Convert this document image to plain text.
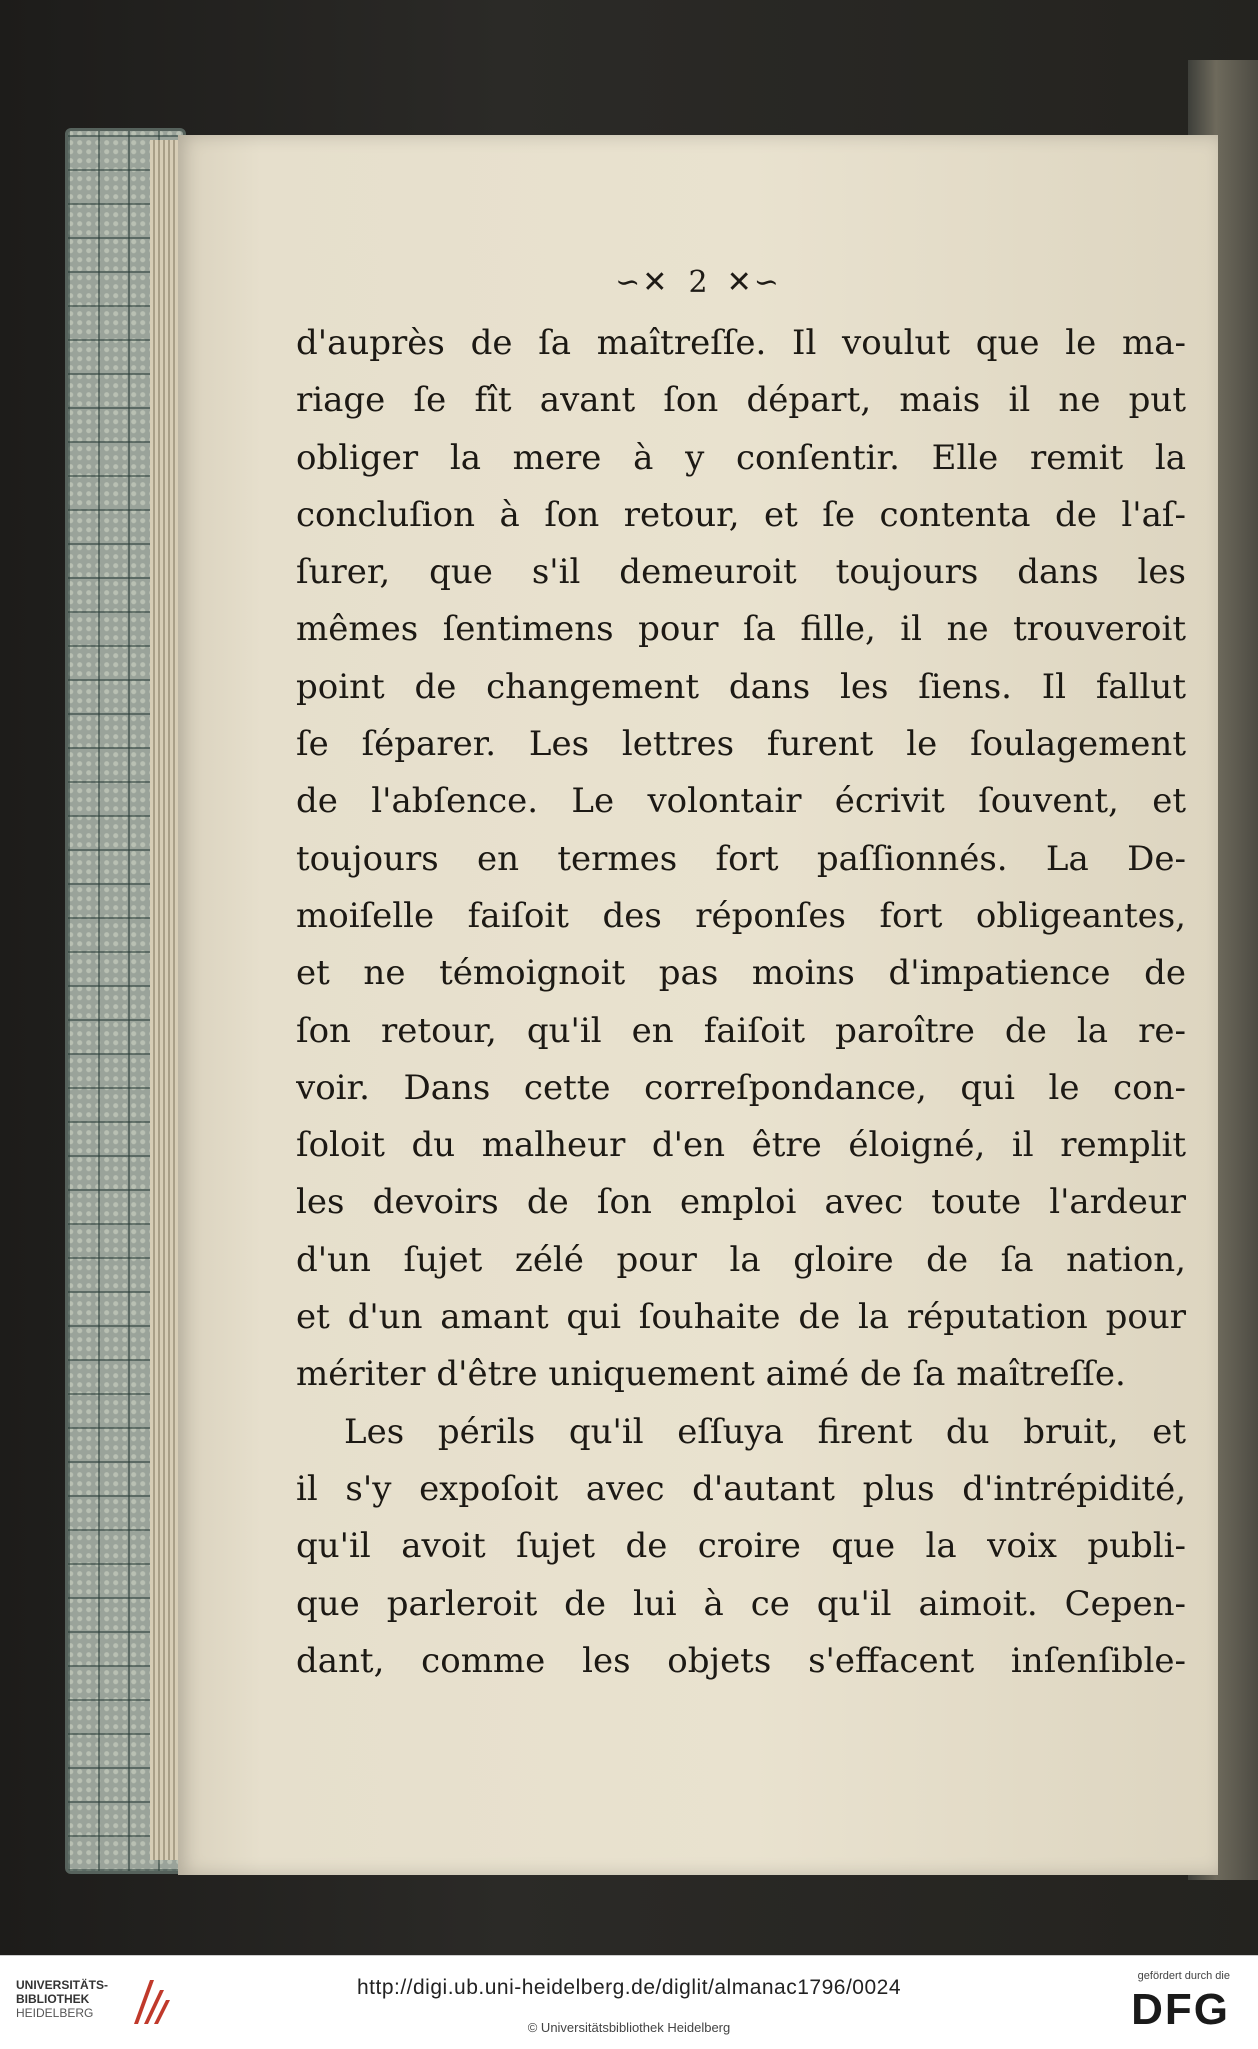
∽✕ 2 ✕∽
d'auprès de ſa maîtreſſe. Il voulut que le ma-
riage ſe fît avant ſon départ, mais il ne put
obliger la mere à y conſentir. Elle remit la
concluſion à ſon retour, et ſe contenta de l'aſ-
ſurer, que s'il demeuroit toujours dans les
mêmes ſentimens pour ſa fille, il ne trouveroit
point de changement dans les ſiens. Il fallut
ſe ſéparer. Les lettres furent le ſoulagement
de l'abſence. Le volontair écrivit ſouvent, et
toujours en termes fort paſſionnés. La De-
moiſelle faiſoit des réponſes fort obligeantes,
et ne témoignoit pas moins d'impatience de
ſon retour, qu'il en faiſoit paroître de la re-
voir. Dans cette correſpondance, qui le con-
ſoloit du malheur d'en être éloigné, il remplit
les devoirs de ſon emploi avec toute l'ardeur
d'un ſujet zélé pour la gloire de ſa nation,
et d'un amant qui ſouhaite de la réputation pour
mériter d'être uniquement aimé de ſa maîtreſſe.
Les périls qu'il eſſuya firent du bruit, et
il s'y expoſoit avec d'autant plus d'intrépidité,
qu'il avoit ſujet de croire que la voix publi-
que parleroit de lui à ce qu'il aimoit. Cepen-
dant, comme les objets s'effacent inſenſible-
UNIVERSITÄTS-
BIBLIOTHEK
HEIDELBERG
http://digi.ub.uni-heidelberg.de/diglit/almanac1796/0024
© Universitätsbibliothek Heidelberg
gefördert durch die
DFG
